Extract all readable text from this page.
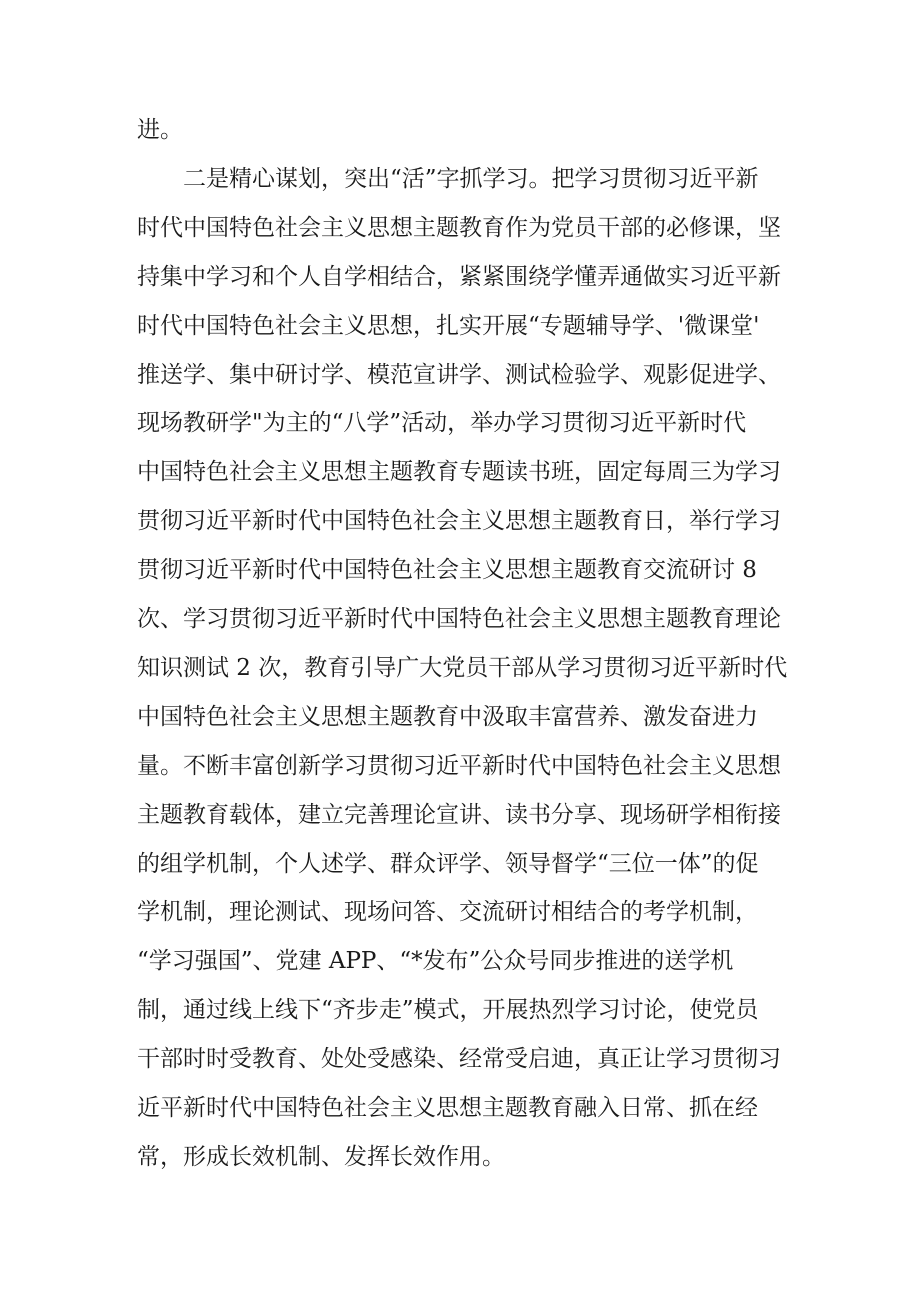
进。

二是精心谋划，突出“活”字抓学习。把学习贯彻习近平新

时代中国特色社会主义思想主题教育作为党员干部的必修课，坚

持集中学习和个人自学相结合，紧紧围绕学懂弄通做实习近平新

时代中国特色社会主义思想，扎实开展“专题辅导学、'微课堂'

推送学、集中研讨学、模范宣讲学、测试检验学、观影促进学、

现场教研学"为主的“八学”活动，举办学习贯彻习近平新时代

中国特色社会主义思想主题教育专题读书班，固定每周三为学习

贯彻习近平新时代中国特色社会主义思想主题教育日，举行学习

贯彻习近平新时代中国特色社会主义思想主题教育交流研讨 8

次、学习贯彻习近平新时代中国特色社会主义思想主题教育理论

知识测试 2 次，教育引导广大党员干部从学习贯彻习近平新时代

中国特色社会主义思想主题教育中汲取丰富营养、激发奋进力

量。不断丰富创新学习贯彻习近平新时代中国特色社会主义思想

主题教育载体，建立完善理论宣讲、读书分享、现场研学相衔接

的组学机制，个人述学、群众评学、领导督学“三位一体”的促

学机制，理论测试、现场问答、交流研讨相结合的考学机制，

“学习强国”、党建 APP、“*发布”公众号同步推进的送学机

制，通过线上线下“齐步走”模式，开展热烈学习讨论，使党员

干部时时受教育、处处受感染、经常受启迪，真正让学习贯彻习

近平新时代中国特色社会主义思想主题教育融入日常、抓在经

常，形成长效机制、发挥长效作用。
